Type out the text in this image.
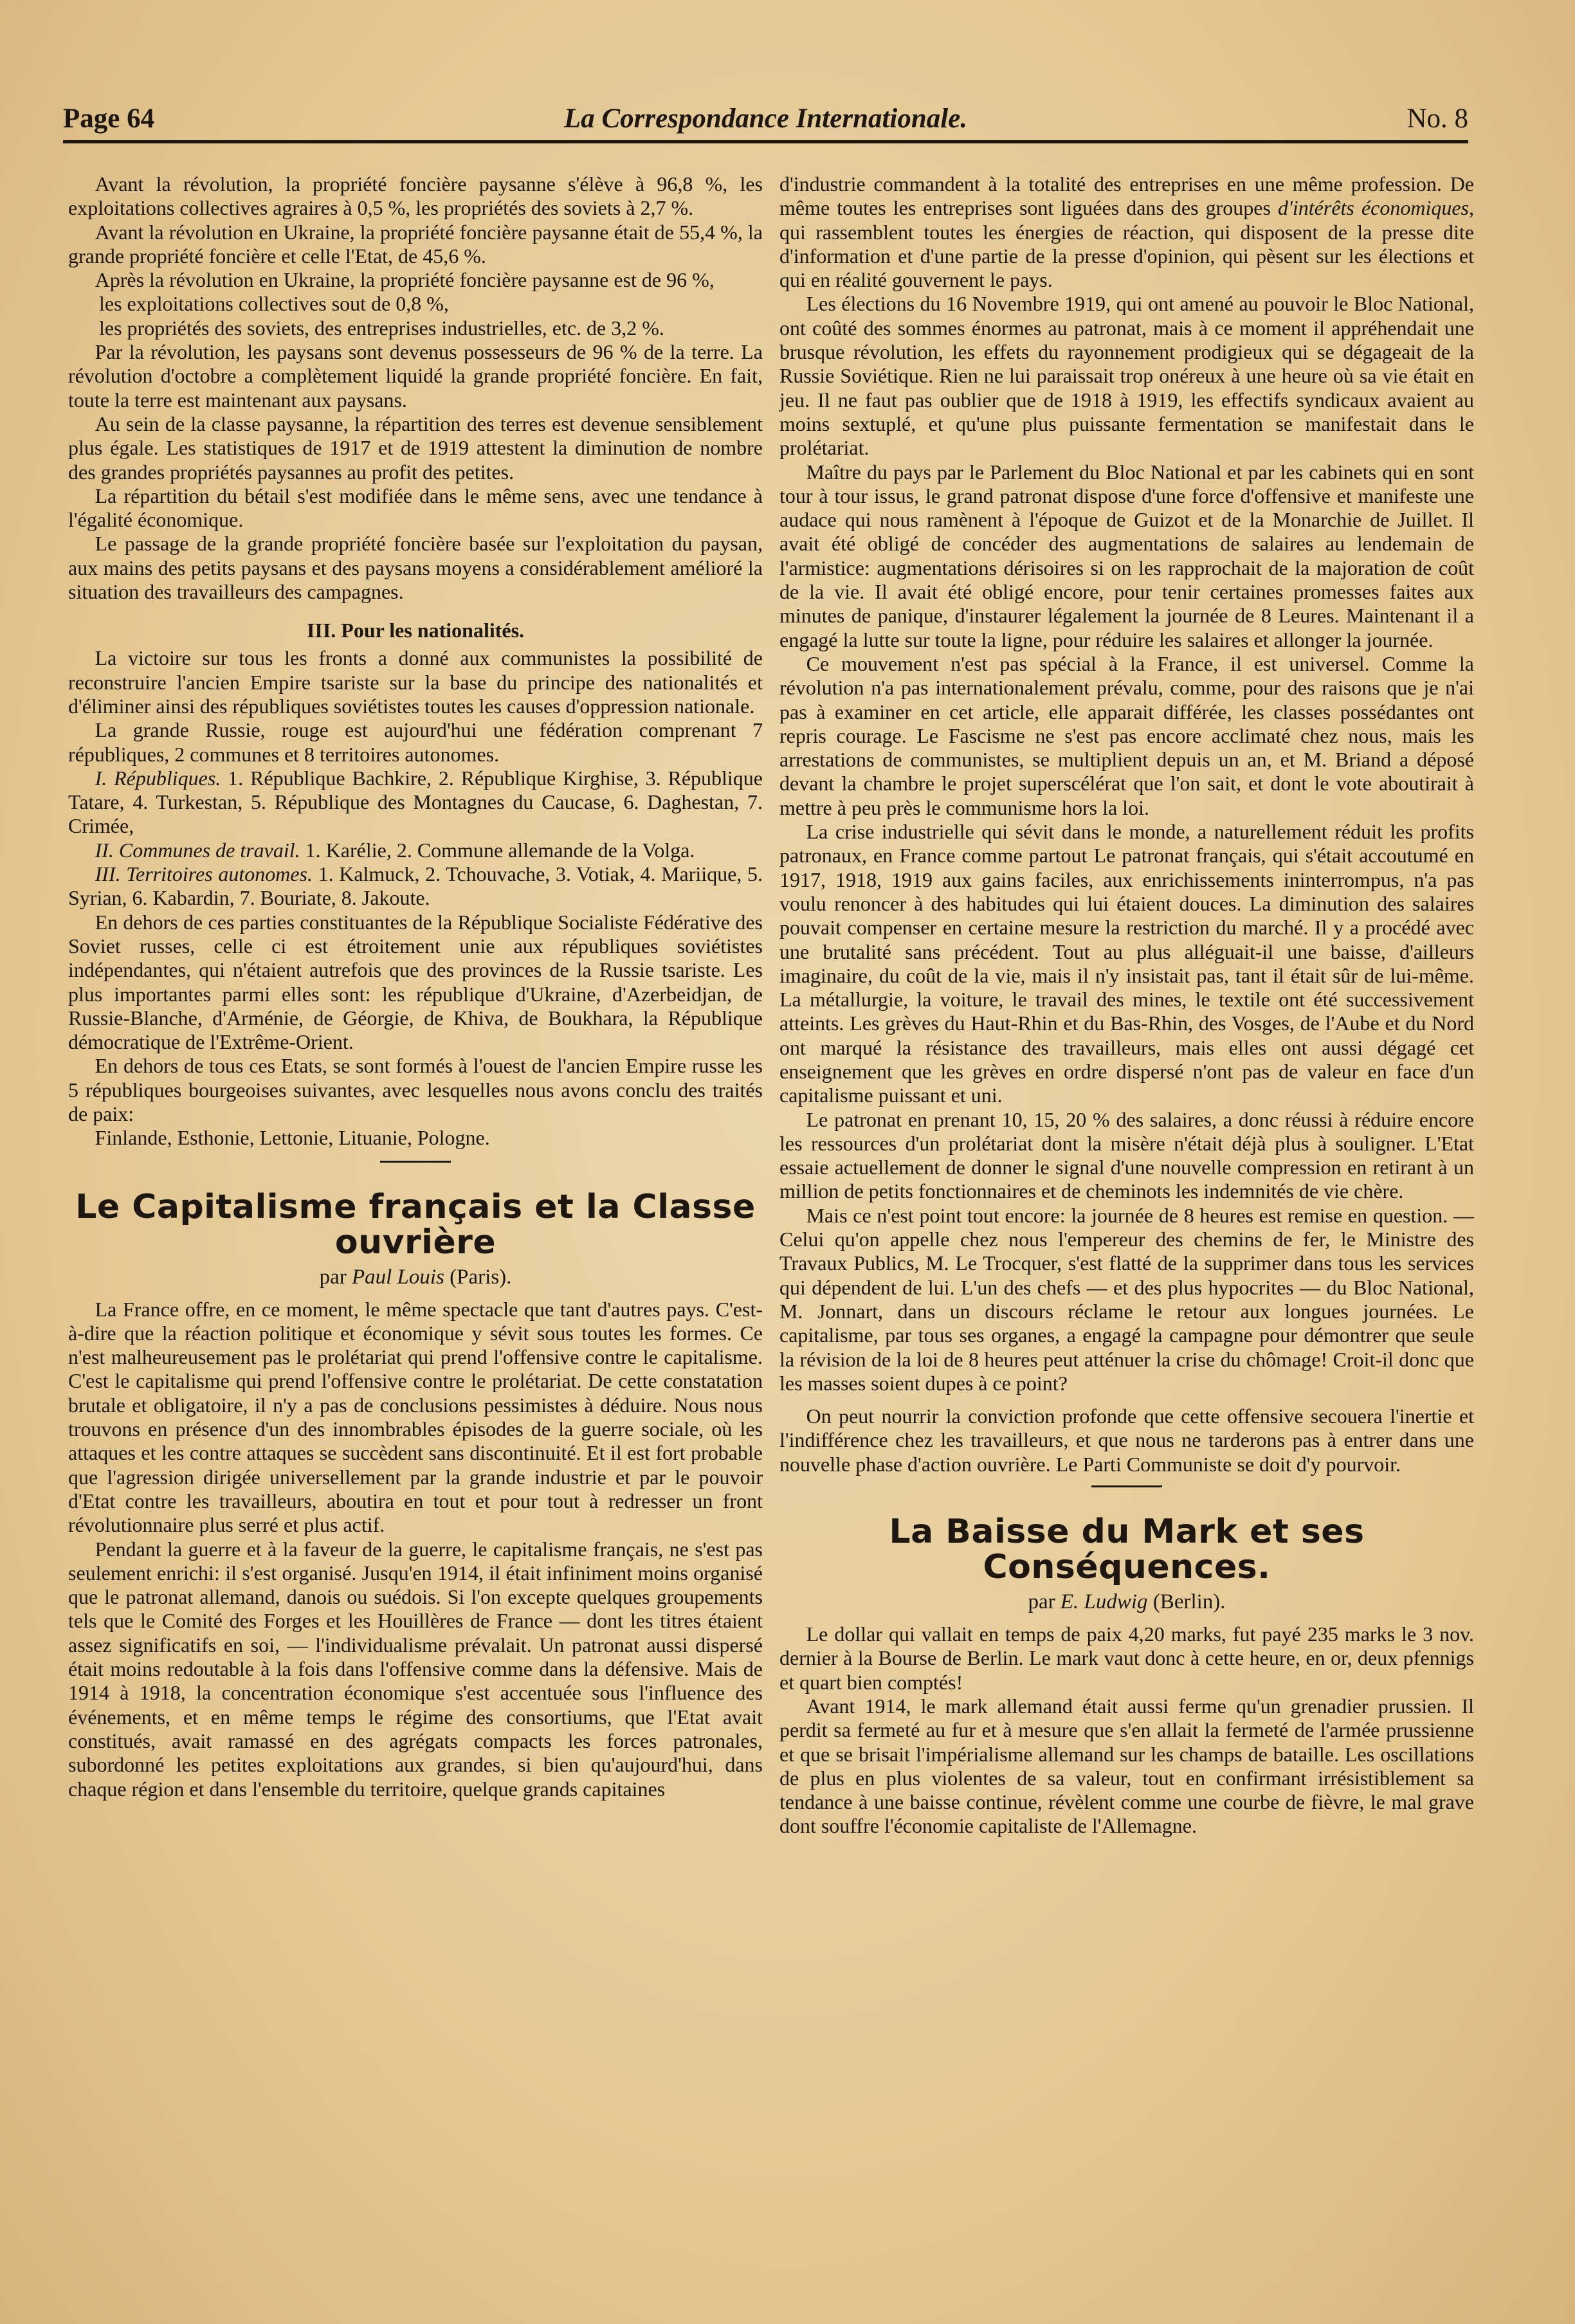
Page 64	La Correspondance Internationale.	No. 8

Avant la révolution, la propriété foncière paysanne s'élève à 96,8 %, les exploitations collectives agraires à 0,5 %, les propriétés des soviets à 2,7 %.

Avant la révolution en Ukraine, la propriété foncière paysanne était de 55,4 %, la grande propriété foncière et celle l'Etat, de 45,6 %.

Après la révolution en Ukraine, la propriété foncière paysanne est de 96 %,

les exploitations collectives sout de 0,8 %,

les propriétés des soviets, des entreprises industrielles, etc. de 3,2 %.

Par la révolution, les paysans sont devenus possesseurs de 96 % de la terre. La révolution d'octobre a complètement liquidé la grande propriété foncière. En fait, toute la terre est maintenant aux paysans.

Au sein de la classe paysanne, la répartition des terres est devenue sensiblement plus égale. Les statistiques de 1917 et de 1919 attestent la diminution de nombre des grandes propriétés paysannes au profit des petites.

La répartition du bétail s'est modifiée dans le même sens, avec une tendance à l'égalité économique.

Le passage de la grande propriété foncière basée sur l'exploitation du paysan, aux mains des petits paysans et des paysans moyens a considérablement amélioré la situation des travailleurs des campagnes.

III. Pour les nationalités.

La victoire sur tous les fronts a donné aux communistes la possibilité de reconstruire l'ancien Empire tsariste sur la base du principe des nationalités et d'éliminer ainsi des républiques soviétistes toutes les causes d'oppression nationale.

La grande Russie, rouge est aujourd'hui une fédération comprenant 7 républiques, 2 communes et 8 territoires autonomes.

I. Républiques. 1. République Bachkire, 2. République Kirghise, 3. République Tatare, 4. Turkestan, 5. République des Montagnes du Caucase, 6. Daghestan, 7. Crimée,

II. Communes de travail. 1. Karélie, 2. Commune allemande de la Volga.

III. Territoires autonomes. 1. Kalmuck, 2. Tchouvache, 3. Votiak, 4. Mariique, 5. Syrian, 6. Kabardin, 7. Bouriate, 8. Jakoute.

En dehors de ces parties constituantes de la République Socialiste Fédérative des Soviet russes, celle ci est étroitement unie aux républiques soviétistes indépendantes, qui n'étaient autrefois que des provinces de la Russie tsariste. Les plus importantes parmi elles sont: les république d'Ukraine, d'Azerbeidjan, de Russie-Blanche, d'Arménie, de Géorgie, de Khiva, de Boukhara, la République démocratique de l'Extrême-Orient.

En dehors de tous ces Etats, se sont formés à l'ouest de l'ancien Empire russe les 5 républiques bourgeoises suivantes, avec lesquelles nous avons conclu des traités de paix:

Finlande, Esthonie, Lettonie, Lituanie, Pologne.

Le Capitalisme français et la Classe
ouvrière
par Paul Louis (Paris).

La France offre, en ce moment, le même spectacle que tant d'autres pays. C'est-à-dire que la réaction politique et économique y sévit sous toutes les formes. Ce n'est malheureusement pas le prolétariat qui prend l'offensive contre le capitalisme. C'est le capitalisme qui prend l'offensive contre le prolétariat. De cette constatation brutale et obligatoire, il n'y a pas de conclusions pessimistes à déduire. Nous nous trouvons en présence d'un des innombrables épisodes de la guerre sociale, où les attaques et les contre attaques se succèdent sans discontinuité. Et il est fort probable que l'agression dirigée universellement par la grande industrie et par le pouvoir d'Etat contre les travailleurs, aboutira en tout et pour tout à redresser un front révolutionnaire plus serré et plus actif.

Pendant la guerre et à la faveur de la guerre, le capitalisme français, ne s'est pas seulement enrichi: il s'est organisé. Jusqu'en 1914, il était infiniment moins organisé que le patronat allemand, danois ou suédois. Si l'on excepte quelques groupements tels que le Comité des Forges et les Houillères de France — dont les titres étaient assez significatifs en soi, — l'individualisme prévalait. Un patronat aussi dispersé était moins redoutable à la fois dans l'offensive comme dans la défensive. Mais de 1914 à 1918, la concentration économique s'est accentuée sous l'influence des événements, et en même temps le régime des consortiums, que l'Etat avait constitués, avait ramassé en des agrégats compacts les forces patronales, subordonné les petites exploitations aux grandes, si bien qu'aujourd'hui, dans chaque région et dans l'ensemble du territoire, quelque grands capitaines

d'industrie commandent à la totalité des entreprises en une même profession. De même toutes les entreprises sont liguées dans des groupes d'intérêts économiques, qui rassemblent toutes les énergies de réaction, qui disposent de la presse dite d'information et d'une partie de la presse d'opinion, qui pèsent sur les élections et qui en réalité gouvernent le pays.

Les élections du 16 Novembre 1919, qui ont amené au pouvoir le Bloc National, ont coûté des sommes énormes au patronat, mais à ce moment il appréhendait une brusque révolution, les effets du rayonnement prodigieux qui se dégageait de la Russie Soviétique. Rien ne lui paraissait trop onéreux à une heure où sa vie était en jeu. Il ne faut pas oublier que de 1918 à 1919, les effectifs syndicaux avaient au moins sextuplé, et qu'une plus puissante fermentation se manifestait dans le prolétariat.

Maître du pays par le Parlement du Bloc National et par les cabinets qui en sont tour à tour issus, le grand patronat dispose d'une force d'offensive et manifeste une audace qui nous ramènent à l'époque de Guizot et de la Monarchie de Juillet. Il avait été obligé de concéder des augmentations de salaires au lendemain de l'armistice: augmentations dérisoires si on les rapprochait de la majoration de coût de la vie. Il avait été obligé encore, pour tenir certaines promesses faites aux minutes de panique, d'instaurer légalement la journée de 8 Leures. Maintenant il a engagé la lutte sur toute la ligne, pour réduire les salaires et allonger la journée.

Ce mouvement n'est pas spécial à la France, il est universel. Comme la révolution n'a pas internationalement prévalu, comme, pour des raisons que je n'ai pas à examiner en cet article, elle apparait différée, les classes possédantes ont repris courage. Le Fascisme ne s'est pas encore acclimaté chez nous, mais les arrestations de communistes, se multiplient depuis un an, et M. Briand a déposé devant la chambre le projet superscélérat que l'on sait, et dont le vote aboutirait à mettre à peu près le communisme hors la loi.

La crise industrielle qui sévit dans le monde, a naturellement réduit les profits patronaux, en France comme partout Le patronat français, qui s'était accoutumé en 1917, 1918, 1919 aux gains faciles, aux enrichissements ininterrompus, n'a pas voulu renoncer à des habitudes qui lui étaient douces. La diminution des salaires pouvait compenser en certaine mesure la restriction du marché. Il y a procédé avec une brutalité sans précédent. Tout au plus alléguait-il une baisse, d'ailleurs imaginaire, du coût de la vie, mais il n'y insistait pas, tant il était sûr de lui-même. La métallurgie, la voiture, le travail des mines, le textile ont été successivement atteints. Les grèves du Haut-Rhin et du Bas-Rhin, des Vosges, de l'Aube et du Nord ont marqué la résistance des travailleurs, mais elles ont aussi dégagé cet enseignement que les grèves en ordre dispersé n'ont pas de valeur en face d'un capitalisme puissant et uni.

Le patronat en prenant 10, 15, 20 % des salaires, a donc réussi à réduire encore les ressources d'un prolétariat dont la misère n'était déjà plus à souligner. L'Etat essaie actuellement de donner le signal d'une nouvelle compression en retirant à un million de petits fonctionnaires et de cheminots les indemnités de vie chère.

Mais ce n'est point tout encore: la journée de 8 heures est remise en question. — Celui qu'on appelle chez nous l'empereur des chemins de fer, le Ministre des Travaux Publics, M. Le Trocquer, s'est flatté de la supprimer dans tous les services qui dépendent de lui. L'un des chefs — et des plus hypocrites — du Bloc National, M. Jonnart, dans un discours réclame le retour aux longues journées. Le capitalisme, par tous ses organes, a engagé la campagne pour démontrer que seule la révision de la loi de 8 heures peut atténuer la crise du chômage! Croit-il donc que les masses soient dupes à ce point?

On peut nourrir la conviction profonde que cette offensive secouera l'inertie et l'indifférence chez les travailleurs, et que nous ne tarderons pas à entrer dans une nouvelle phase d'action ouvrière. Le Parti Communiste se doit d'y pourvoir.

La Baisse du Mark et ses
Conséquences.
par E. Ludwig (Berlin).

Le dollar qui vallait en temps de paix 4,20 marks, fut payé 235 marks le 3 nov. dernier à la Bourse de Berlin. Le mark vaut donc à cette heure, en or, deux pfennigs et quart bien comptés!

Avant 1914, le mark allemand était aussi ferme qu'un grenadier prussien. Il perdit sa fermeté au fur et à mesure que s'en allait la fermeté de l'armée prussienne et que se brisait l'impérialisme allemand sur les champs de bataille. Les oscillations de plus en plus violentes de sa valeur, tout en confirmant irrésistiblement sa tendance à une baisse continue, révèlent comme une courbe de fièvre, le mal grave dont souffre l'économie capitaliste de l'Allemagne.
